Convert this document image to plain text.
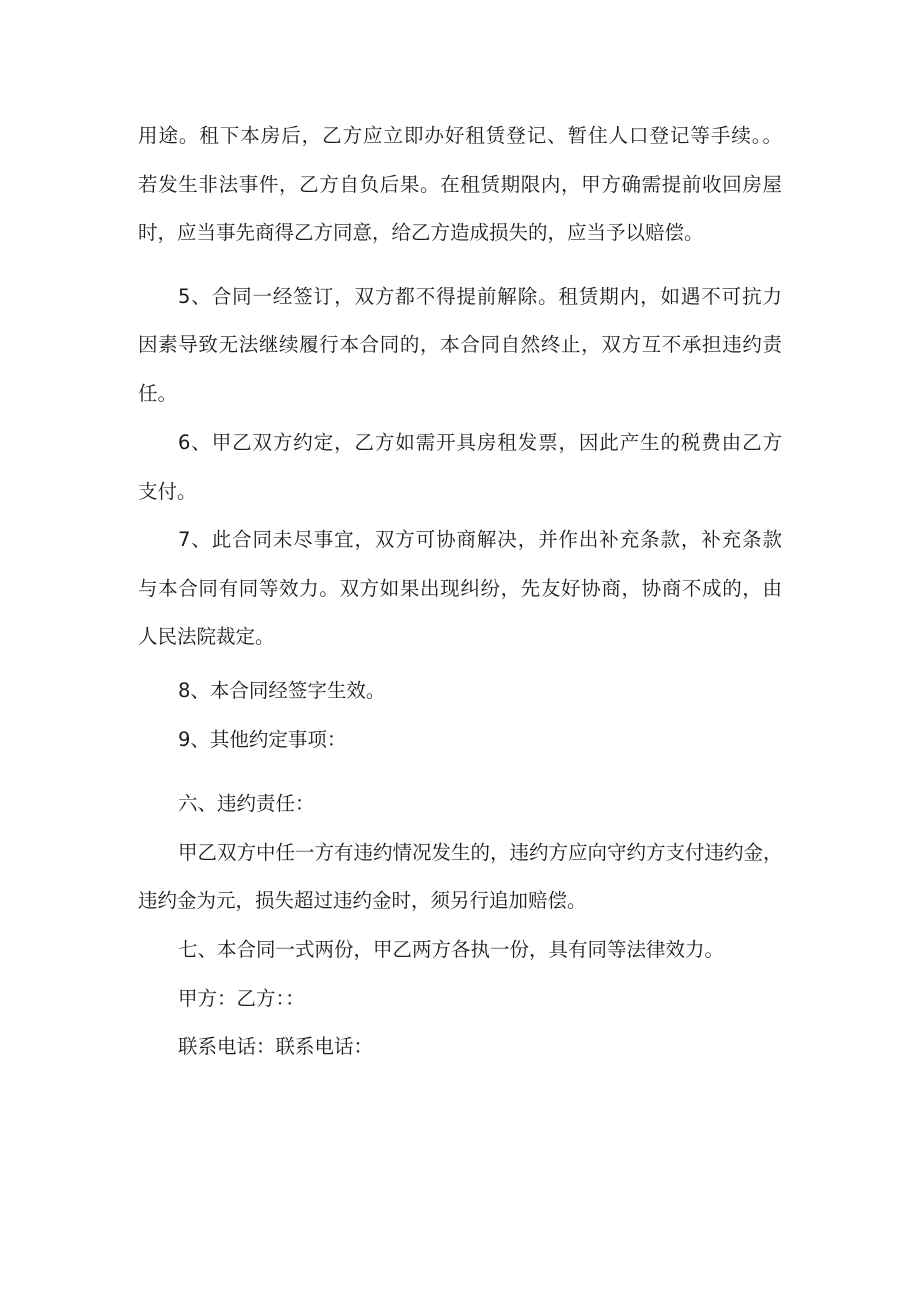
用途。租下本房后，乙方应立即办好租赁登记、暂住人口登记等手续。。
若发生非法事件，乙方自负后果。在租赁期限内，甲方确需提前收回房屋
时，应当事先商得乙方同意，给乙方造成损失的，应当予以赔偿。
5、合同一经签订，双方都不得提前解除。租赁期内，如遇不可抗力
因素导致无法继续履行本合同的，本合同自然终止，双方互不承担违约责
任。
6、甲乙双方约定，乙方如需开具房租发票，因此产生的税费由乙方
支付。
7、此合同未尽事宜，双方可协商解决，并作出补充条款，补充条款
与本合同有同等效力。双方如果出现纠纷，先友好协商，协商不成的，由
人民法院裁定。
8、本合同经签字生效。
9、其他约定事项：
六、违约责任：
甲乙双方中任一方有违约情况发生的，违约方应向守约方支付违约金，
违约金为元，损失超过违约金时，须另行追加赔偿。
七、本合同一式两份，甲乙两方各执一份，具有同等法律效力。
甲方：乙方：：
联系电话：联系电话：
